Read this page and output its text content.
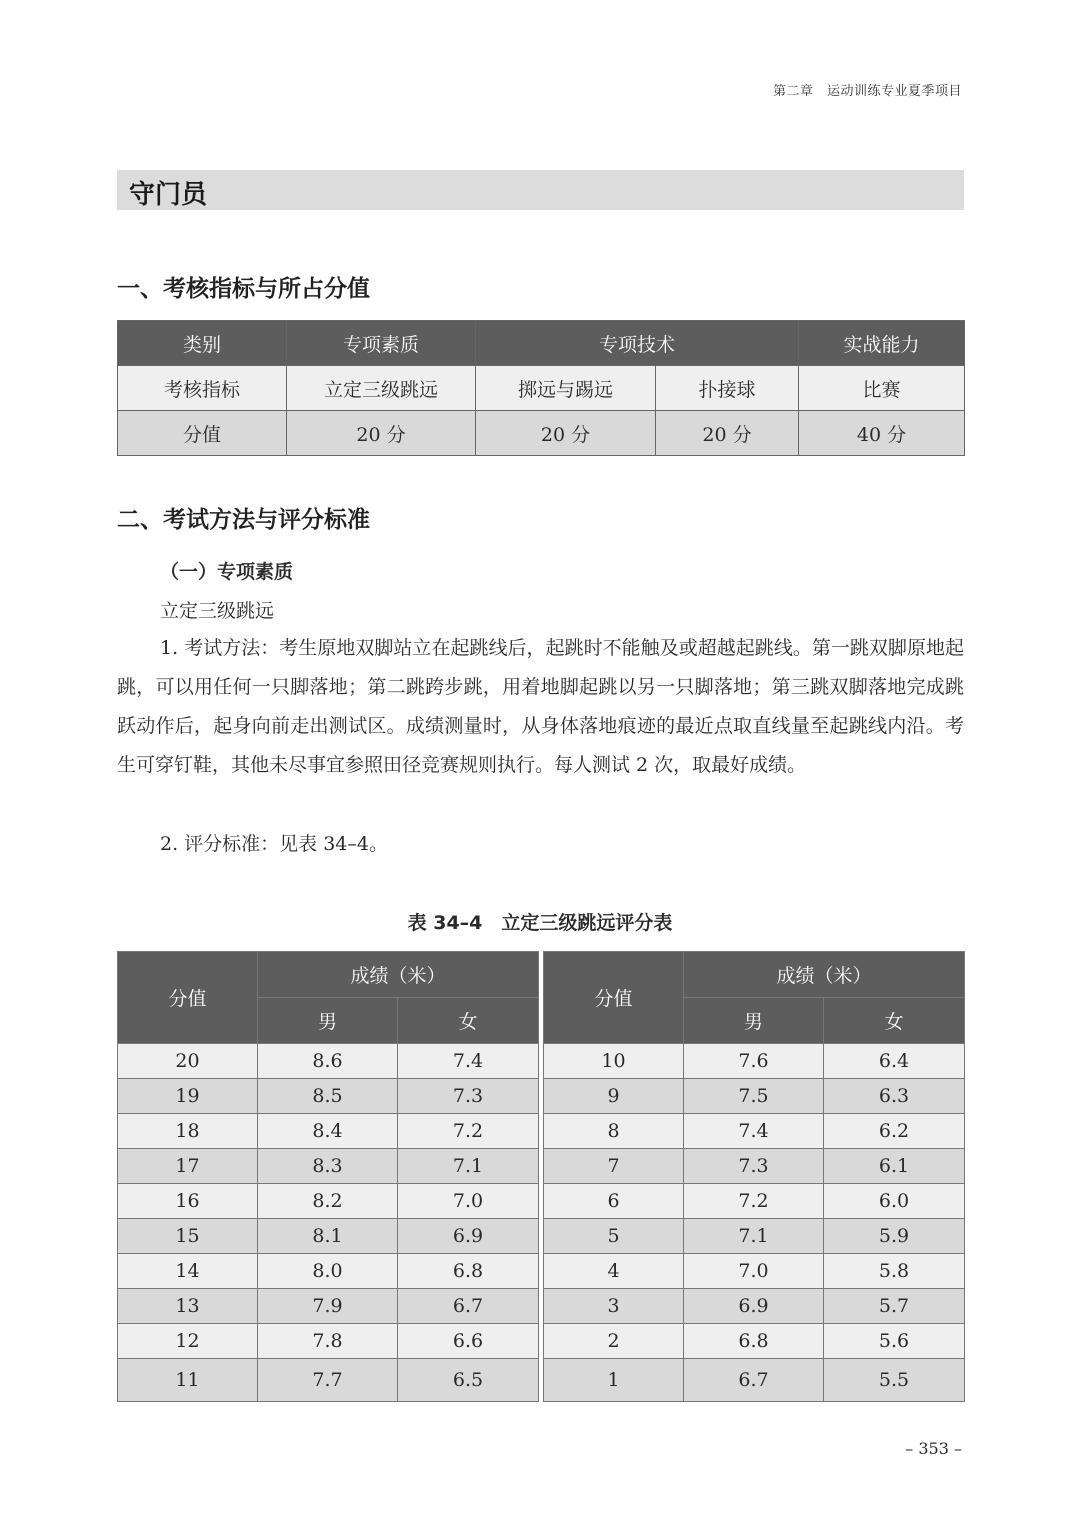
第二章　运动训练专业夏季项目
守门员
一、考核指标与所占分值
类别	专项素质	专项技术		实战能力
考核指标	立定三级跳远	掷远与踢远	扑接球	比赛
分值	20 分	20 分	20 分	40 分
二、考试方法与评分标准
（一）专项素质
立定三级跳远
1. 考试方法：考生原地双脚站立在起跳线后，起跳时不能触及或超越起跳线。第一跳双脚原地起跳，可以用任何一只脚落地；第二跳跨步跳，用着地脚起跳以另一只脚落地；第三跳双脚落地完成跳跃动作后，起身向前走出测试区。成绩测量时，从身体落地痕迹的最近点取直线量至起跳线内沿。考生可穿钉鞋，其他未尽事宜参照田径竞赛规则执行。每人测试 2 次，取最好成绩。
2. 评分标准：见表 34–4。
表 34–4　立定三级跳远评分表
分值	成绩（米）	
	男	女
20	8.6	7.4
19	8.5	7.3
18	8.4	7.2
17	8.3	7.1
16	8.2	7.0
15	8.1	6.9
14	8.0	6.8
13	7.9	6.7
12	7.8	6.6
11	7.7	6.5
分值	成绩（米）	
	男	女
10	7.6	6.4
9	7.5	6.3
8	7.4	6.2
7	7.3	6.1
6	7.2	6.0
5	7.1	5.9
4	7.0	5.8
3	6.9	5.7
2	6.8	5.6
1	6.7	5.5
– 353 –
